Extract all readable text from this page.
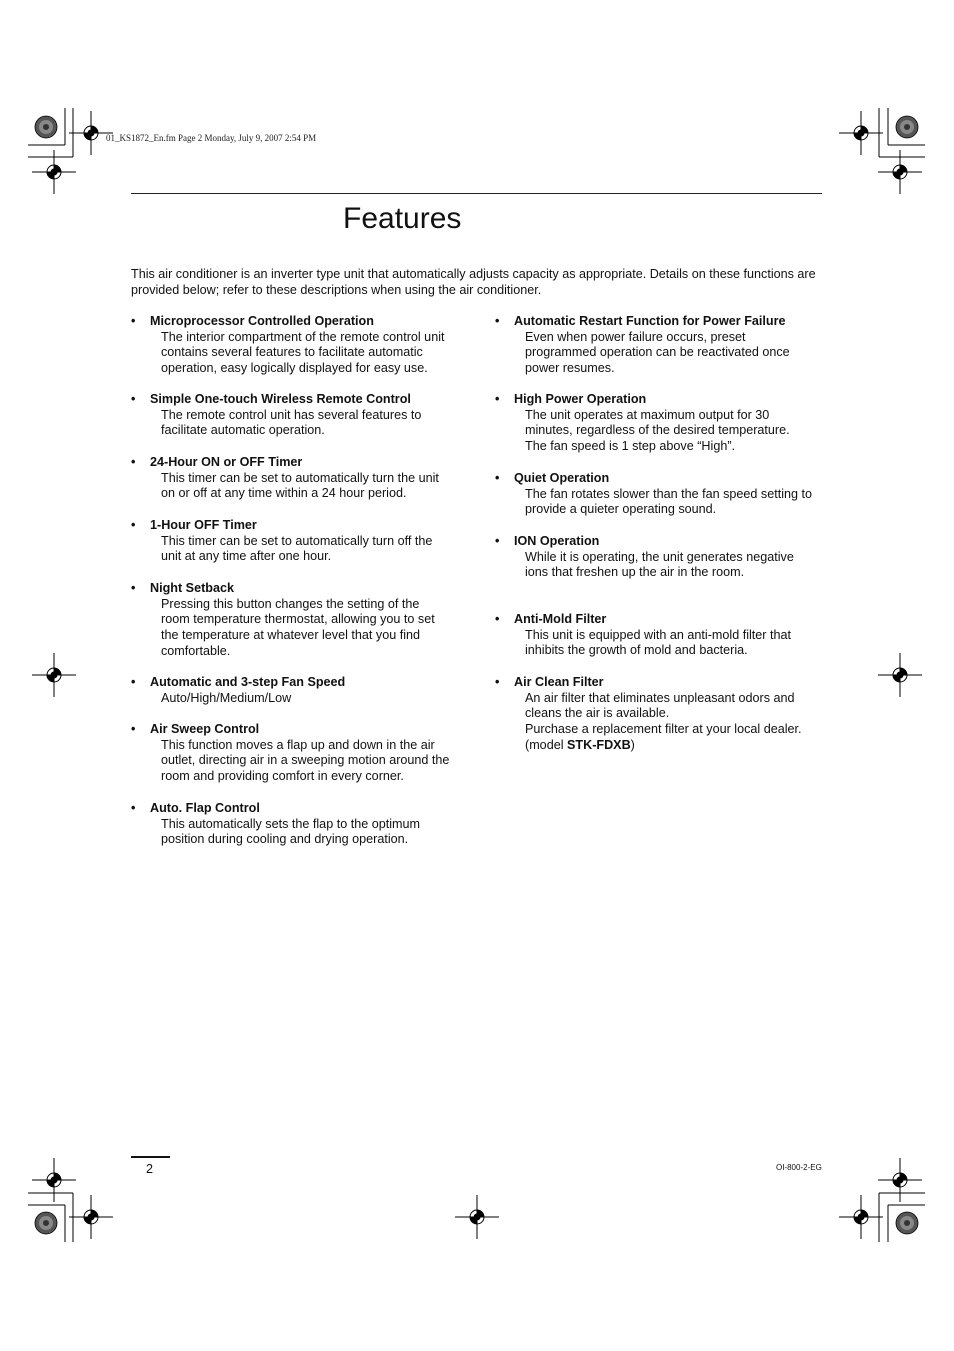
01_KS1872_En.fm Page 2 Monday, July 9, 2007 2:54 PM
Features

This air conditioner is an inverter type unit that automatically adjusts capacity as appropriate. Details on these functions are provided below; refer to these descriptions when using the air conditioner.

• Microprocessor Controlled Operation
The interior compartment of the remote control unit
contains several features to facilitate automatic
operation, easy logically displayed for easy use.
• Simple One-touch Wireless Remote Control
The remote control unit has several features to
facilitate automatic operation.
• 24-Hour ON or OFF Timer
This timer can be set to automatically turn the unit
on or off at any time within a 24 hour period.
• 1-Hour OFF Timer
This timer can be set to automatically turn off the
unit at any time after one hour.
• Night Setback
Pressing this button changes the setting of the
room temperature thermostat, allowing you to set
the temperature at whatever level that you find
comfortable.
• Automatic and 3-step Fan Speed
Auto/High/Medium/Low
• Air Sweep Control
This function moves a flap up and down in the air
outlet, directing air in a sweeping motion around the
room and providing comfort in every corner.
• Auto. Flap Control
This automatically sets the flap to the optimum
position during cooling and drying operation.
• Automatic Restart Function for Power Failure
Even when power failure occurs, preset
programmed operation can be reactivated once
power resumes.
• High Power Operation
The unit operates at maximum output for 30
minutes, regardless of the desired temperature.
The fan speed is 1 step above “High”.
• Quiet Operation
The fan rotates slower than the fan speed setting to
provide a quieter operating sound.
• ION Operation
While it is operating, the unit generates negative
ions that freshen up the air in the room.
• Anti-Mold Filter
This unit is equipped with an anti-mold filter that
inhibits the growth of mold and bacteria.
• Air Clean Filter
An air filter that eliminates unpleasant odors and
cleans the air is available.
Purchase a replacement filter at your local dealer.
(model STK-FDXB)
2	OI-800-2-EG
